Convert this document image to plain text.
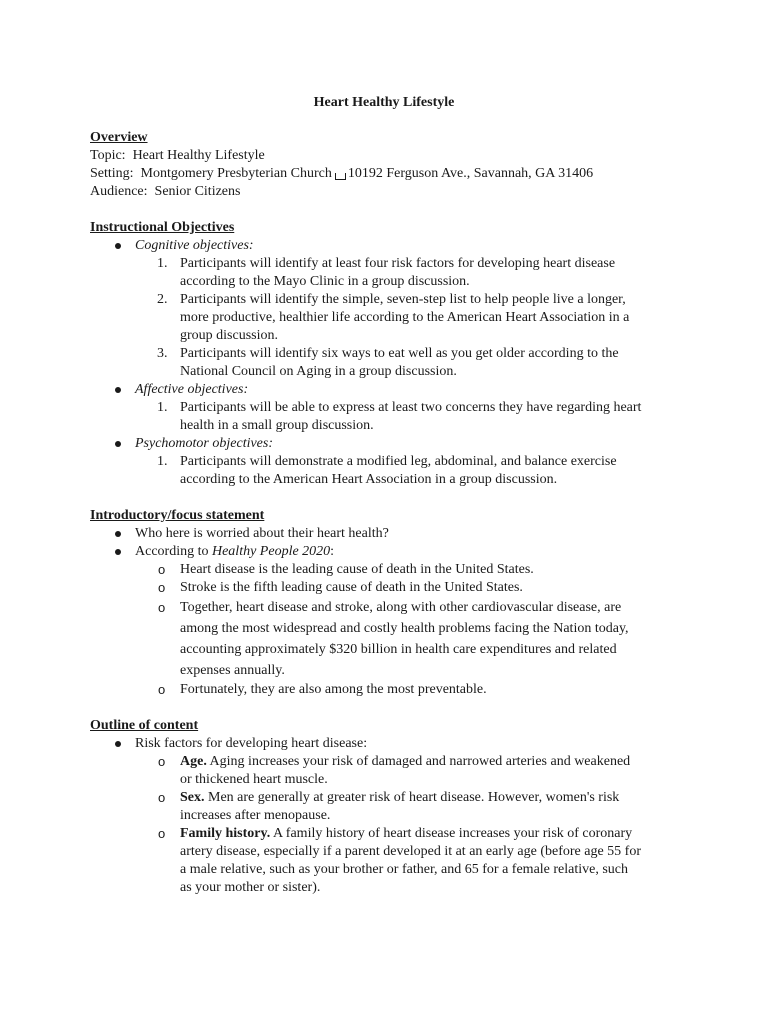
Heart Healthy Lifestyle
Overview
Topic:  Heart Healthy Lifestyle
Setting:  Montgomery Presbyterian Church 10192 Ferguson Ave., Savannah, GA 31406
Audience:  Senior Citizens
Instructional Objectives
Cognitive objectives:
1. Participants will identify at least four risk factors for developing heart disease
according to the Mayo Clinic in a group discussion.
2. Participants will identify the simple, seven-step list to help people live a longer,
more productive, healthier life according to the American Heart Association in a
group discussion.
3. Participants will identify six ways to eat well as you get older according to the
National Council on Aging in a group discussion.
Affective objectives:
1. Participants will be able to express at least two concerns they have regarding heart
health in a small group discussion.
Psychomotor objectives:
1. Participants will demonstrate a modified leg, abdominal, and balance exercise
according to the American Heart Association in a group discussion.
Introductory/focus statement
Who here is worried about their heart health?
According to Healthy People 2020:
o Heart disease is the leading cause of death in the United States.
o Stroke is the fifth leading cause of death in the United States.
o Together, heart disease and stroke, along with other cardiovascular disease, are
among the most widespread and costly health problems facing the Nation today,
accounting approximately $320 billion in health care expenditures and related
expenses annually.
o Fortunately, they are also among the most preventable.
Outline of content
Risk factors for developing heart disease:
o Age. Aging increases your risk of damaged and narrowed arteries and weakened
or thickened heart muscle.
o Sex. Men are generally at greater risk of heart disease. However, women's risk
increases after menopause.
o Family history. A family history of heart disease increases your risk of coronary
artery disease, especially if a parent developed it at an early age (before age 55 for
a male relative, such as your brother or father, and 65 for a female relative, such
as your mother or sister).
